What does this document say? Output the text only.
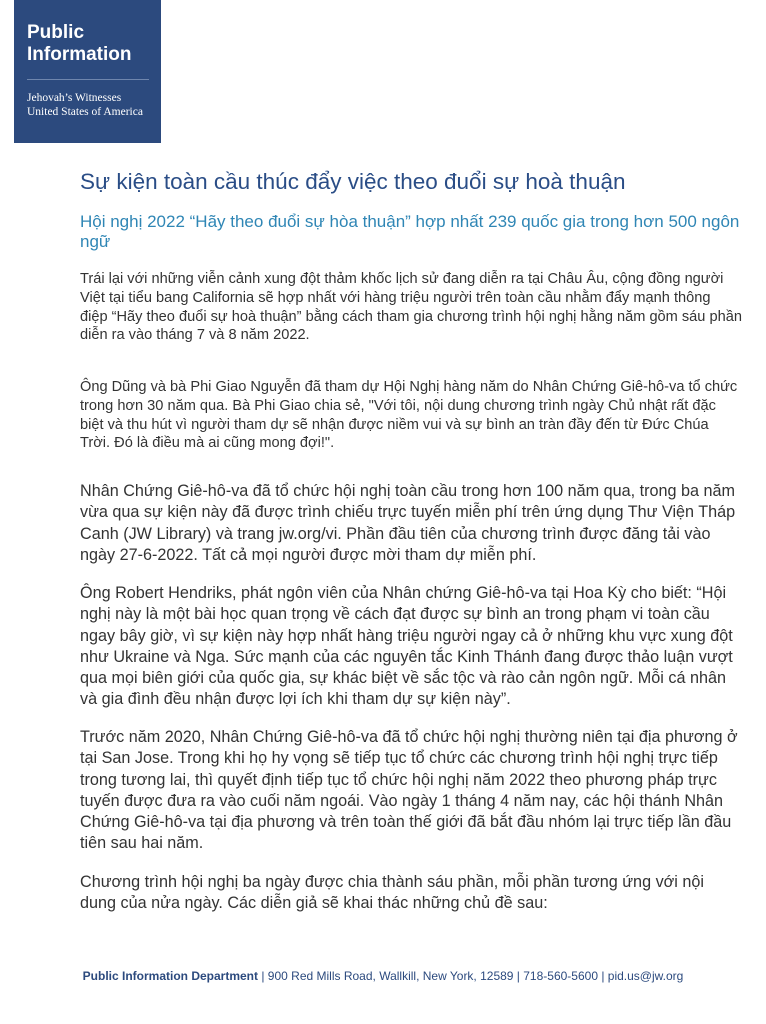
Public
Information

Jehovah’s Witnesses
United States of America

Sự kiện toàn cầu thúc đẩy việc theo đuổi sự hoà thuận
Hội nghị 2022 “Hãy theo đuổi sự hòa thuận” hợp nhất 239 quốc gia trong hơn 500 ngôn ngữ

Trái lại với những viễn cảnh xung đột thảm khốc lịch sử đang diễn ra tại Châu Âu, cộng đồng người Việt tại tiểu bang California sẽ hợp nhất với hàng triệu người trên toàn cầu nhằm đẩy mạnh thông điệp “Hãy theo đuổi sự hoà thuận” bằng cách tham gia chương trình hội nghị hằng năm gồm sáu phần diễn ra vào tháng 7 và 8 năm 2022.

Ông Dũng và bà Phi Giao Nguyễn đã tham dự Hội Nghị hàng năm do Nhân Chứng Giê-hô-va tổ chức trong hơn 30 năm qua. Bà Phi Giao chia sẻ, "Với tôi, nội dung chương trình ngày Chủ nhật rất đặc biệt và thu hút vì người tham dự sẽ nhận được niềm vui và sự bình an tràn đầy đến từ Đức Chúa Trời. Đó là điều mà ai cũng mong đợi!".

Nhân Chứng Giê-hô-va đã tổ chức hội nghị toàn cầu trong hơn 100 năm qua, trong ba năm vừa qua sự kiện này đã được trình chiếu trực tuyến miễn phí trên ứng dụng Thư Viện Tháp Canh (JW Library) và trang jw.org/vi. Phần đầu tiên của chương trình được đăng tải vào ngày 27-6-2022. Tất cả mọi người được mời tham dự miễn phí.

Ông Robert Hendriks, phát ngôn viên của Nhân chứng Giê-hô-va tại Hoa Kỳ cho biết: “Hội nghị này là một bài học quan trọng về cách đạt được sự bình an trong phạm vi toàn cầu ngay bây giờ, vì sự kiện này hợp nhất hàng triệu người ngay cả ở những khu vực xung đột như Ukraine và Nga. Sức mạnh của các nguyên tắc Kinh Thánh đang được thảo luận vượt qua mọi biên giới của quốc gia, sự khác biệt về sắc tộc và rào cản ngôn ngữ. Mỗi cá nhân và gia đình đều nhận được lợi ích khi tham dự sự kiện này”.

Trước năm 2020, Nhân Chứng Giê-hô-va đã tổ chức hội nghị thường niên tại địa phương ở tại San Jose. Trong khi họ hy vọng sẽ tiếp tục tổ chức các chương trình hội nghị trực tiếp trong tương lai, thì quyết định tiếp tục tổ chức hội nghị năm 2022 theo phương pháp trực tuyến được đưa ra vào cuối năm ngoái. Vào ngày 1 tháng 4 năm nay, các hội thánh Nhân Chứng Giê-hô-va tại địa phương và trên toàn thế giới đã bắt đầu nhóm lại trực tiếp lần đầu tiên sau hai năm.

Chương trình hội nghị ba ngày được chia thành sáu phần, mỗi phần tương ứng với nội dung của nửa ngày. Các diễn giả sẽ khai thác những chủ đề sau:

Public Information Department | 900 Red Mills Road, Wallkill, New York, 12589 | 718-560-5600 | pid.us@jw.org
